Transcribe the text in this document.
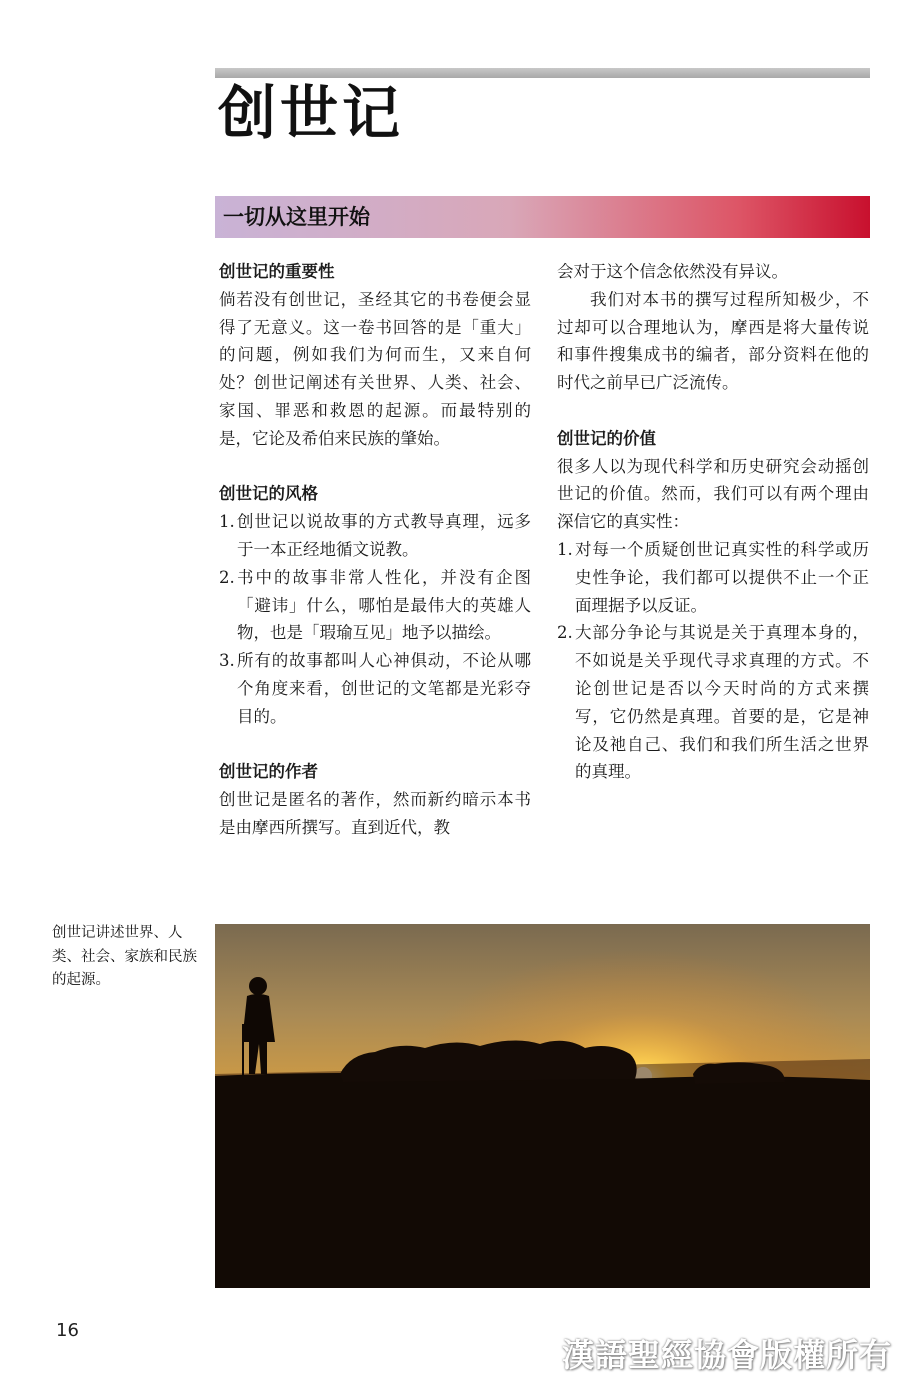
创世记
一切从这里开始

创世记的重要性

倘若没有创世记，圣经其它的书卷便会显得了无意义。这一卷书回答的是「重大」的问题，例如我们为何而生，又来自何处？创世记阐述有关世界、人类、社会、家国、罪恶和救恩的起源。而最特别的是，它论及希伯来民族的肇始。

创世记的风格

1. 创世记以说故事的方式教导真理，远多于一本正经地循文说教。
2. 书中的故事非常人性化，并没有企图「避讳」什么，哪怕是最伟大的英雄人物，也是「瑕瑜互见」地予以描绘。
3. 所有的故事都叫人心神俱动，不论从哪个角度来看，创世记的文笔都是光彩夺目的。

创世记的作者

创世记是匿名的著作，然而新约暗示本书是由摩西所撰写。直到近代，教

会对于这个信念依然没有异议。

我们对本书的撰写过程所知极少，不过却可以合理地认为，摩西是将大量传说和事件搜集成书的编者，部分资料在他的时代之前早已广泛流传。

创世记的价值

很多人以为现代科学和历史研究会动摇创世记的价值。然而，我们可以有两个理由深信它的真实性：

1. 对每一个质疑创世记真实性的科学或历史性争论，我们都可以提供不止一个正面理据予以反证。
2. 大部分争论与其说是关于真理本身的，不如说是关乎现代寻求真理的方式。不论创世记是否以今天时尚的方式来撰写，它仍然是真理。首要的是，它是神论及祂自己、我们和我们所生活之世界的真理。
创世记讲述世界、人类、社会、家族和民族的起源。
16
漢語聖經協會版權所有
